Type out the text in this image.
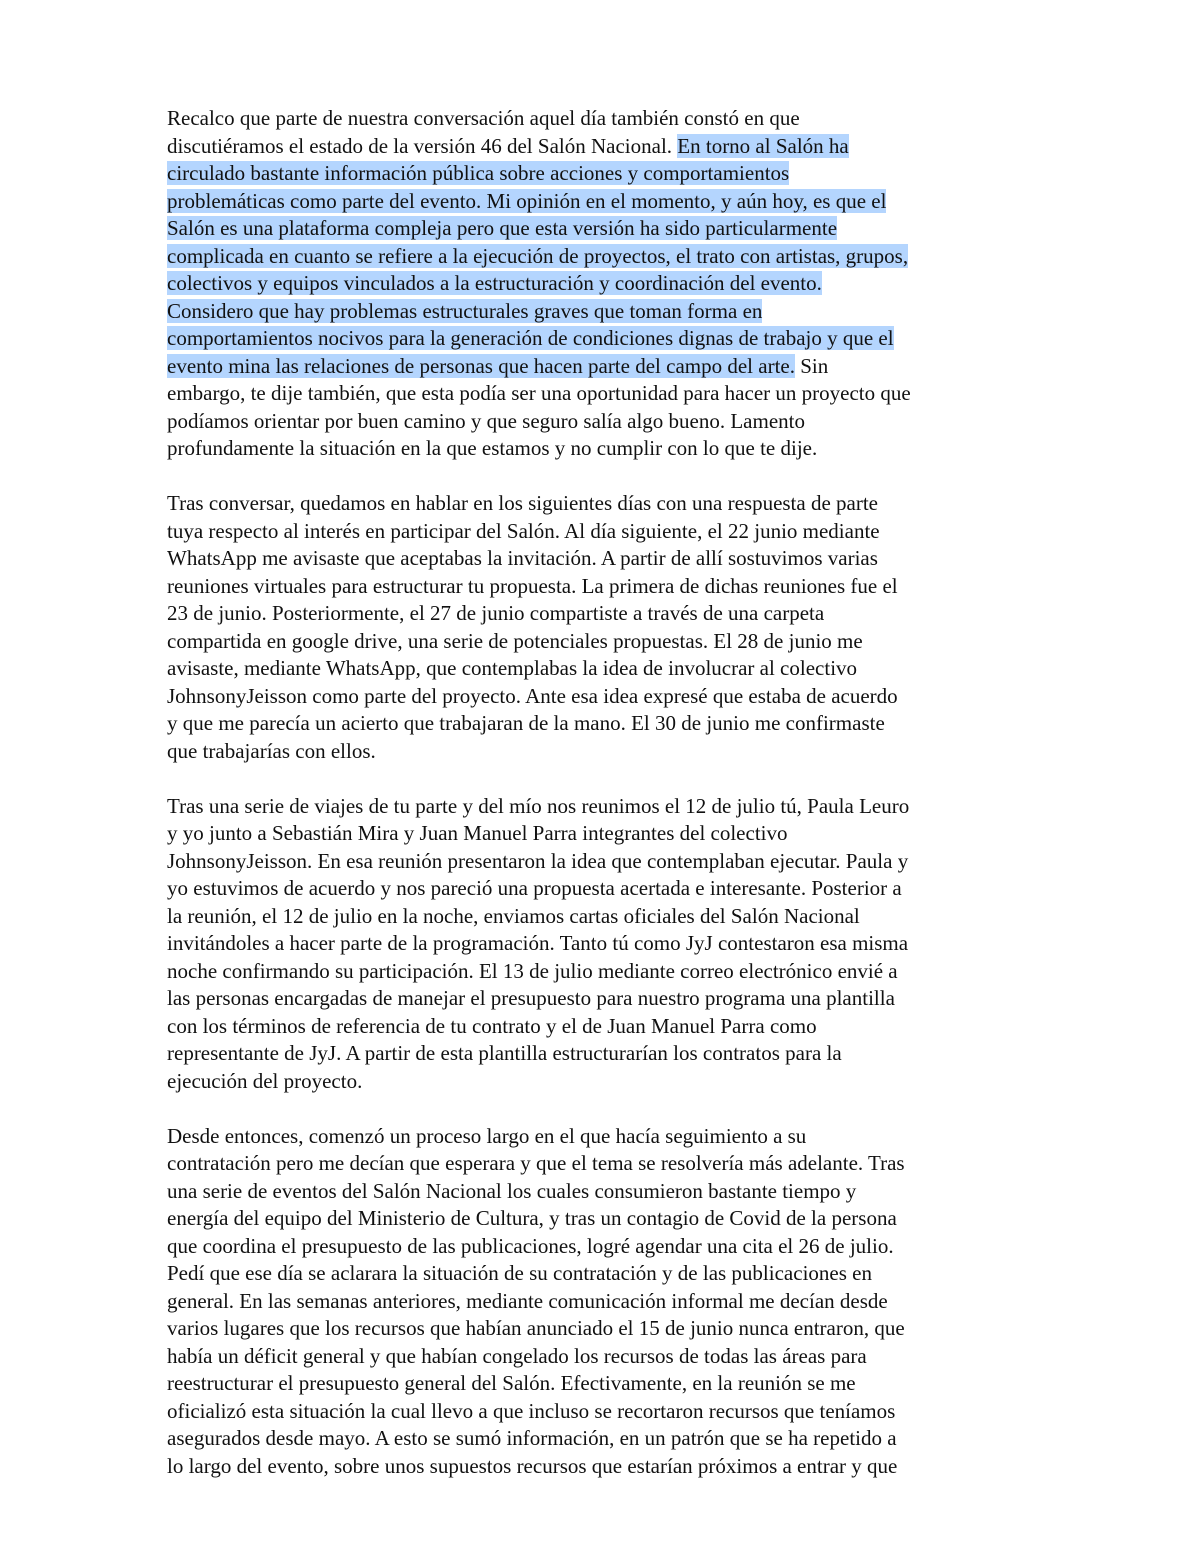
Recalco que parte de nuestra conversación aquel día también constó en que
discutiéramos el estado de la versión 46 del Salón Nacional. En torno al Salón ha
circulado bastante información pública sobre acciones y comportamientos
problemáticas como parte del evento. Mi opinión en el momento, y aún hoy, es que el
Salón es una plataforma compleja pero que esta versión ha sido particularmente
complicada en cuanto se refiere a la ejecución de proyectos, el trato con artistas, grupos,
colectivos y equipos vinculados a la estructuración y coordinación del evento.
Considero que hay problemas estructurales graves que toman forma en
comportamientos nocivos para la generación de condiciones dignas de trabajo y que el
evento mina las relaciones de personas que hacen parte del campo del arte. Sin
embargo, te dije también, que esta podía ser una oportunidad para hacer un proyecto que
podíamos orientar por buen camino y que seguro salía algo bueno. Lamento
profundamente la situación en la que estamos y no cumplir con lo que te dije.
Tras conversar, quedamos en hablar en los siguientes días con una respuesta de parte
tuya respecto al interés en participar del Salón. Al día siguiente, el 22 junio mediante
WhatsApp me avisaste que aceptabas la invitación. A partir de allí sostuvimos varias
reuniones virtuales para estructurar tu propuesta. La primera de dichas reuniones fue el
23 de junio. Posteriormente, el 27 de junio compartiste a través de una carpeta
compartida en google drive, una serie de potenciales propuestas. El 28 de junio me
avisaste, mediante WhatsApp, que contemplabas la idea de involucrar al colectivo
JohnsonyJeisson como parte del proyecto. Ante esa idea expresé que estaba de acuerdo
y que me parecía un acierto que trabajaran de la mano. El 30 de junio me confirmaste
que trabajarías con ellos.
Tras una serie de viajes de tu parte y del mío nos reunimos el 12 de julio tú, Paula Leuro
y yo junto a Sebastián Mira y Juan Manuel Parra integrantes del colectivo
JohnsonyJeisson. En esa reunión presentaron la idea que contemplaban ejecutar. Paula y
yo estuvimos de acuerdo y nos pareció una propuesta acertada e interesante. Posterior a
la reunión, el 12 de julio en la noche, enviamos cartas oficiales del Salón Nacional
invitándoles a hacer parte de la programación. Tanto tú como JyJ contestaron esa misma
noche confirmando su participación. El 13 de julio mediante correo electrónico envié a
las personas encargadas de manejar el presupuesto para nuestro programa una plantilla
con los términos de referencia de tu contrato y el de Juan Manuel Parra como
representante de JyJ. A partir de esta plantilla estructurarían los contratos para la
ejecución del proyecto.
Desde entonces, comenzó un proceso largo en el que hacía seguimiento a su
contratación pero me decían que esperara y que el tema se resolvería más adelante. Tras
una serie de eventos del Salón Nacional los cuales consumieron bastante tiempo y
energía del equipo del Ministerio de Cultura, y tras un contagio de Covid de la persona
que coordina el presupuesto de las publicaciones, logré agendar una cita el 26 de julio.
Pedí que ese día se aclarara la situación de su contratación y de las publicaciones en
general. En las semanas anteriores, mediante comunicación informal me decían desde
varios lugares que los recursos que habían anunciado el 15 de junio nunca entraron, que
había un déficit general y que habían congelado los recursos de todas las áreas para
reestructurar el presupuesto general del Salón. Efectivamente, en la reunión se me
oficializó esta situación la cual llevo a que incluso se recortaron recursos que teníamos
asegurados desde mayo. A esto se sumó información, en un patrón que se ha repetido a
lo largo del evento, sobre unos supuestos recursos que estarían próximos a entrar y que
